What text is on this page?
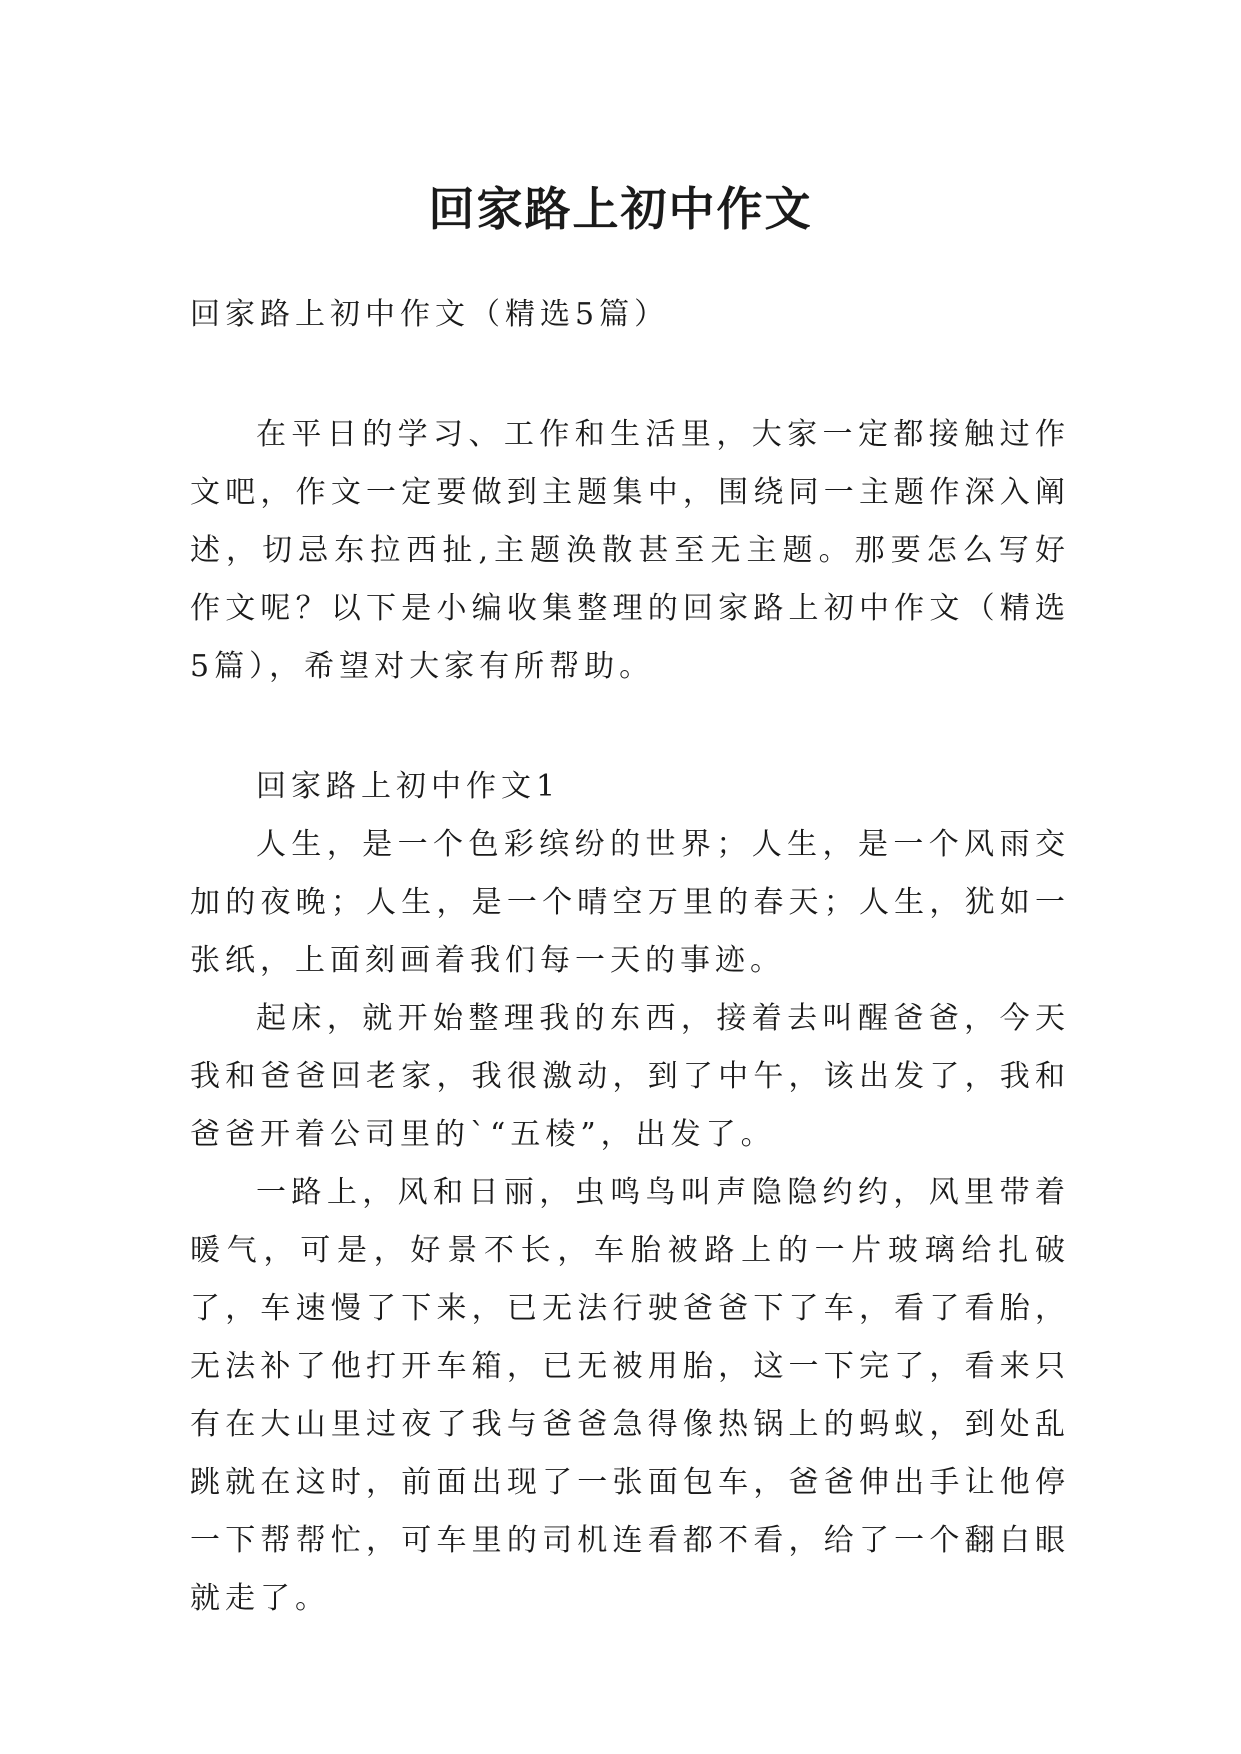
回家路上初中作文

回家路上初中作文（精选5篇）

在平日的学习、工作和生活里，大家一定都接触过作文吧，作文一定要做到主题集中，围绕同一主题作深入阐述，切忌东拉西扯,主题涣散甚至无主题。那要怎么写好作文呢？以下是小编收集整理的回家路上初中作文（精选5篇），希望对大家有所帮助。

回家路上初中作文1

人生，是一个色彩缤纷的世界；人生，是一个风雨交加的夜晚；人生，是一个晴空万里的春天；人生，犹如一张纸，上面刻画着我们每一天的事迹。

起床，就开始整理我的东西，接着去叫醒爸爸，今天我和爸爸回老家，我很激动，到了中午，该出发了，我和爸爸开着公司里的`“五棱”，出发了。

一路上，风和日丽，虫鸣鸟叫声隐隐约约，风里带着暖气，可是，好景不长，车胎被路上的一片玻璃给扎破了，车速慢了下来，已无法行驶爸爸下了车，看了看胎，无法补了他打开车箱，已无被用胎，这一下完了，看来只有在大山里过夜了我与爸爸急得像热锅上的蚂蚁，到处乱跳就在这时，前面出现了一张面包车，爸爸伸出手让他停一下帮帮忙，可车里的司机连看都不看，给了一个翻白眼就走了。
